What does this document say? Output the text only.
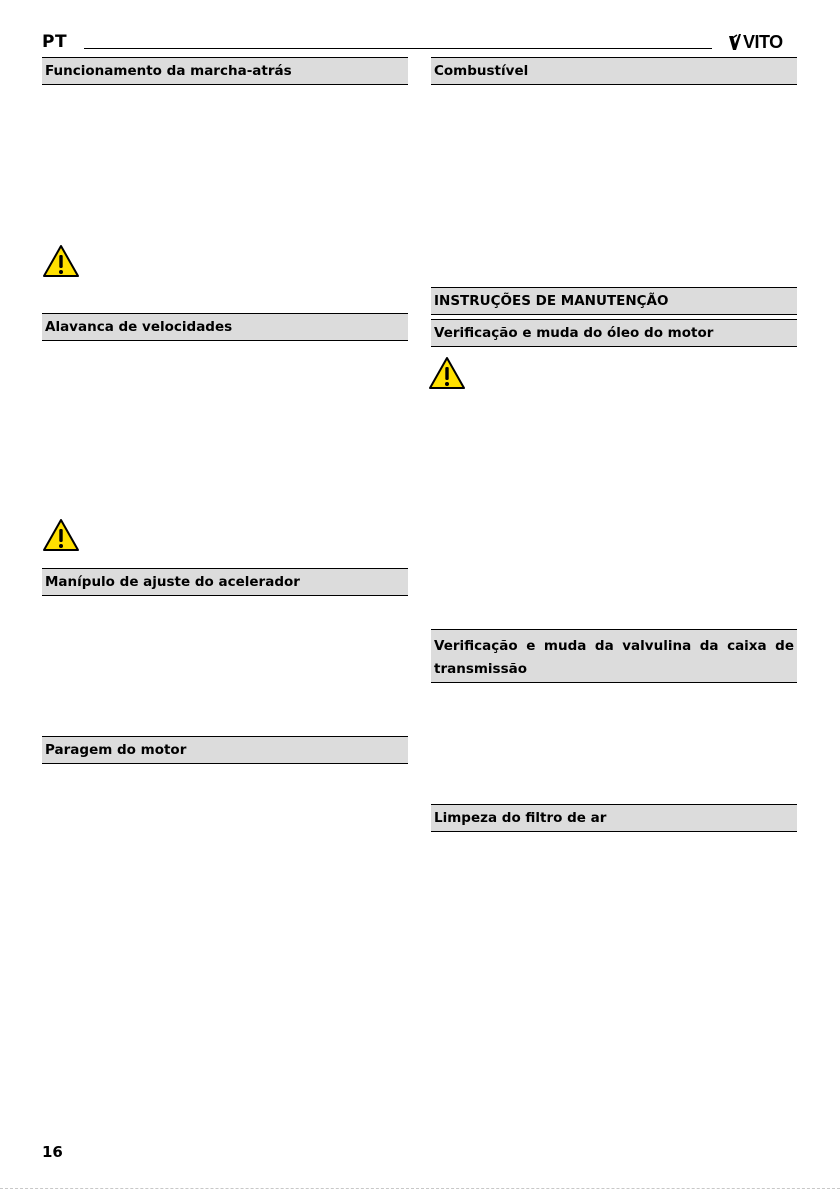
PT	VITO
Funcionamento da marcha-atrás
Alavanca de velocidades
Manípulo de ajuste do acelerador
Paragem do motor
Combustível
INSTRUÇÕES DE MANUTENÇÃO
Verificação e muda do óleo do motor
Verificação e muda da valvulina da caixa de transmissão
Limpeza do filtro de ar
16
